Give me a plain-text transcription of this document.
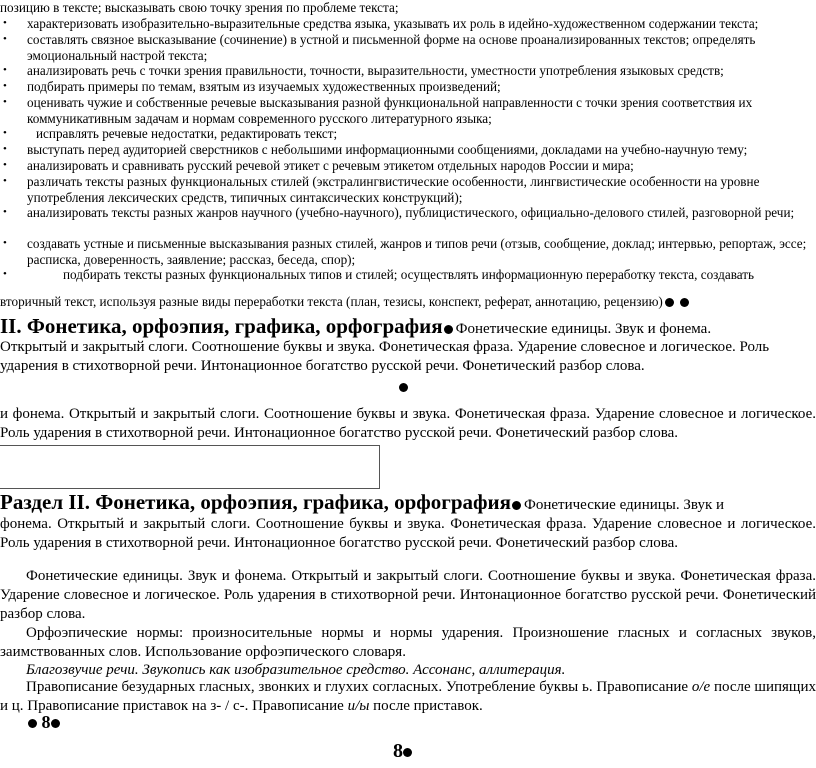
позицию в тексте; высказывать свою точку зрения по проблеме текста;
• характеризовать изобразительно-выразительные средства языка, указывать их роль в идейно-художественном содержании текста;
• составлять связное высказывание (сочинение) в устной и письменной форме на основе проанализированных текстов; определять эмоциональный настрой текста;
• анализировать речь с точки зрения правильности, точности, выразительности, уместности употребления языковых средств;
• подбирать примеры по темам, взятым из изучаемых художественных произведений;
• оценивать чужие и собственные речевые высказывания разной функциональной направленности с точки зрения соответствия их коммуникативным задачам и нормам современного русского литературного языка;
• исправлять речевые недостатки, редактировать текст;
• выступать перед аудиторией сверстников с небольшими информационными сообщениями, докладами на учебно-научную тему;
• анализировать и сравнивать русский речевой этикет с речевым этикетом отдельных народов России и мира;
• различать тексты разных функциональных стилей (экстралингвистические особенности, лингвистические особенности на уровне употребления лексических средств, типичных синтаксических конструкций);
• анализировать тексты разных жанров научного (учебно-научного), публицистического, официально-делового стилей, разговорной речи;
• создавать устные и письменные высказывания разных стилей, жанров и типов речи (отзыв, сообщение, доклад; интервью, репортаж, эссе; расписка, доверенность, заявление; рассказ, беседа, спор);
•	подбирать тексты разных функциональных типов и стилей; осуществлять информационную переработку текста, создавать
вторичный текст, используя разные виды переработки текста (план, тезисы, конспект, реферат, аннотацию, рецензию)
II. Фонетика, орфоэпия, графика, орфография Фонетические единицы. Звук и фонема.
Открытый и закрытый слоги. Соотношение буквы и звука. Фонетическая фраза. Ударение словесное и логическое. Роль ударения в стихотворной речи. Интонационное богатство русской речи. Фонетический разбор слова.
и фонема. Открытый и закрытый слоги. Соотношение буквы и звука. Фонетическая фраза. Ударение словесное и логическое. Роль ударения в стихотворной речи. Интонационное богатство русской речи. Фонетический разбор слова.
Раздел II. Фонетика, орфоэпия, графика, орфография Фонетические единицы. Звук и
фонема. Открытый и закрытый слоги. Соотношение буквы и звука. Фонетическая фраза. Ударение словесное и логическое. Роль ударения в стихотворной речи. Интонационное богатство русской речи. Фонетический разбор слова.
Фонетические единицы. Звук и фонема. Открытый и закрытый слоги. Соотношение буквы и звука. Фонетическая фраза. Ударение словесное и логическое. Роль ударения в стихотворной речи. Интонационное богатство русской речи. Фонетический разбор слова.
Орфоэпические нормы: произносительные нормы и нормы ударения. Произношение гласных и согласных звуков, заимствованных слов. Использование орфоэпического словаря.
Благозвучие речи. Звукопись как изобразительное средство. Ассонанс, аллитерация.
Правописание безударных гласных, звонких и глухих согласных. Употребление буквы ь. Правописание о/е после шипящих и ц. Правописание приставок на з- / с-. Правописание и/ы после приставок.
8
8
